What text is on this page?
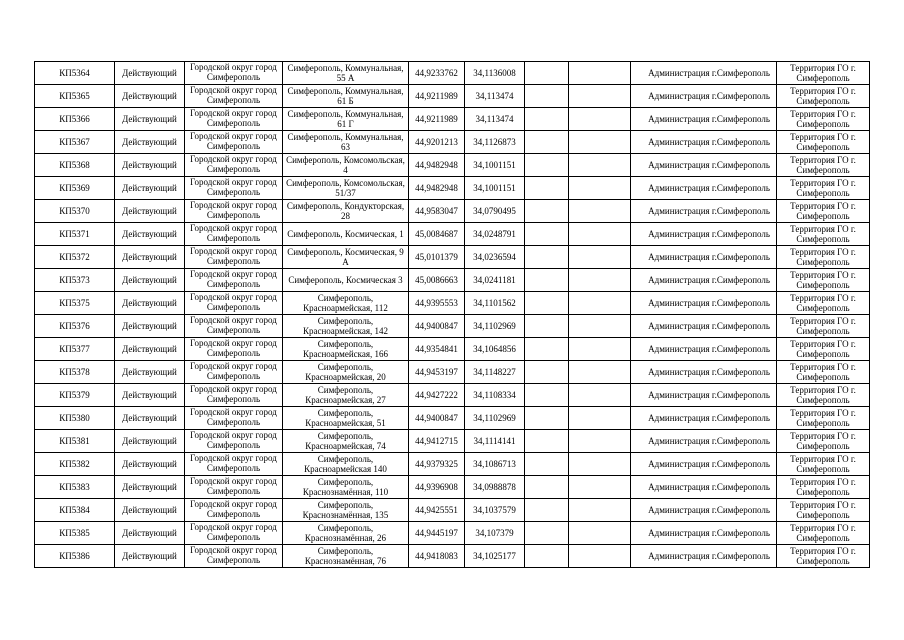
КП5364	Действующий	Городской округ город Симферополь	Симферополь, Коммунальная, 55 А	44,9233762	34,1136008			Администрация г.Симферополь	Территория ГО г. Симферополь
КП5365	Действующий	Городской округ город Симферополь	Симферополь, Коммунальная, 61 Б	44,9211989	34,113474			Администрация г.Симферополь	Территория ГО г. Симферополь
КП5366	Действующий	Городской округ город Симферополь	Симферополь, Коммунальная, 61 Г	44,9211989	34,113474			Администрация г.Симферополь	Территория ГО г. Симферополь
КП5367	Действующий	Городской округ город Симферополь	Симферополь, Коммунальная, 63	44,9201213	34,1126873			Администрация г.Симферополь	Территория ГО г. Симферополь
КП5368	Действующий	Городской округ город Симферополь	Симферополь, Комсомольская, 4	44,9482948	34,1001151			Администрация г.Симферополь	Территория ГО г. Симферополь
КП5369	Действующий	Городской округ город Симферополь	Симферополь, Комсомольская, 51/37	44,9482948	34,1001151			Администрация г.Симферополь	Территория ГО г. Симферополь
КП5370	Действующий	Городской округ город Симферополь	Симферополь, Кондукторская, 28	44,9583047	34,0790495			Администрация г.Симферополь	Территория ГО г. Симферополь
КП5371	Действующий	Городской округ город Симферополь	Симферополь, Космическая, 1	45,0084687	34,0248791			Администрация г.Симферополь	Территория ГО г. Симферополь
КП5372	Действующий	Городской округ город Симферополь	Симферополь, Космическая, 9 А	45,0101379	34,0236594			Администрация г.Симферополь	Территория ГО г. Симферополь
КП5373	Действующий	Городской округ город Симферополь	Симферополь, Космическая 3	45,0086663	34,0241181			Администрация г.Симферополь	Территория ГО г. Симферополь
КП5375	Действующий	Городской округ город Симферополь	Симферополь, Красноармейская, 112	44,9395553	34,1101562			Администрация г.Симферополь	Территория ГО г. Симферополь
КП5376	Действующий	Городской округ город Симферополь	Симферополь, Красноармейская, 142	44,9400847	34,1102969			Администрация г.Симферополь	Территория ГО г. Симферополь
КП5377	Действующий	Городской округ город Симферополь	Симферополь, Красноармейская, 166	44,9354841	34,1064856			Администрация г.Симферополь	Территория ГО г. Симферополь
КП5378	Действующий	Городской округ город Симферополь	Симферополь, Красноармейская, 20	44,9453197	34,1148227			Администрация г.Симферополь	Территория ГО г. Симферополь
КП5379	Действующий	Городской округ город Симферополь	Симферополь, Красноармейская, 27	44,9427222	34,1108334			Администрация г.Симферополь	Территория ГО г. Симферополь
КП5380	Действующий	Городской округ город Симферополь	Симферополь, Красноармейская, 51	44,9400847	34,1102969			Администрация г.Симферополь	Территория ГО г. Симферополь
КП5381	Действующий	Городской округ город Симферополь	Симферополь, Красноармейская, 74	44,9412715	34,1114141			Администрация г.Симферополь	Территория ГО г. Симферополь
КП5382	Действующий	Городской округ город Симферополь	Симферополь, Красноармейская 140	44,9379325	34,1086713			Администрация г.Симферополь	Территория ГО г. Симферополь
КП5383	Действующий	Городской округ город Симферополь	Симферополь, Краснознамённая, 110	44,9396908	34,0988878			Администрация г.Симферополь	Территория ГО г. Симферополь
КП5384	Действующий	Городской округ город Симферополь	Симферополь, Краснознамённая, 135	44,9425551	34,1037579			Администрация г.Симферополь	Территория ГО г. Симферополь
КП5385	Действующий	Городской округ город Симферополь	Симферополь, Краснознамённая, 26	44,9445197	34,107379			Администрация г.Симферополь	Территория ГО г. Симферополь
КП5386	Действующий	Городской округ город Симферополь	Симферополь, Краснознамённая, 76	44,9418083	34,1025177			Администрация г.Симферополь	Территория ГО г. Симферополь
